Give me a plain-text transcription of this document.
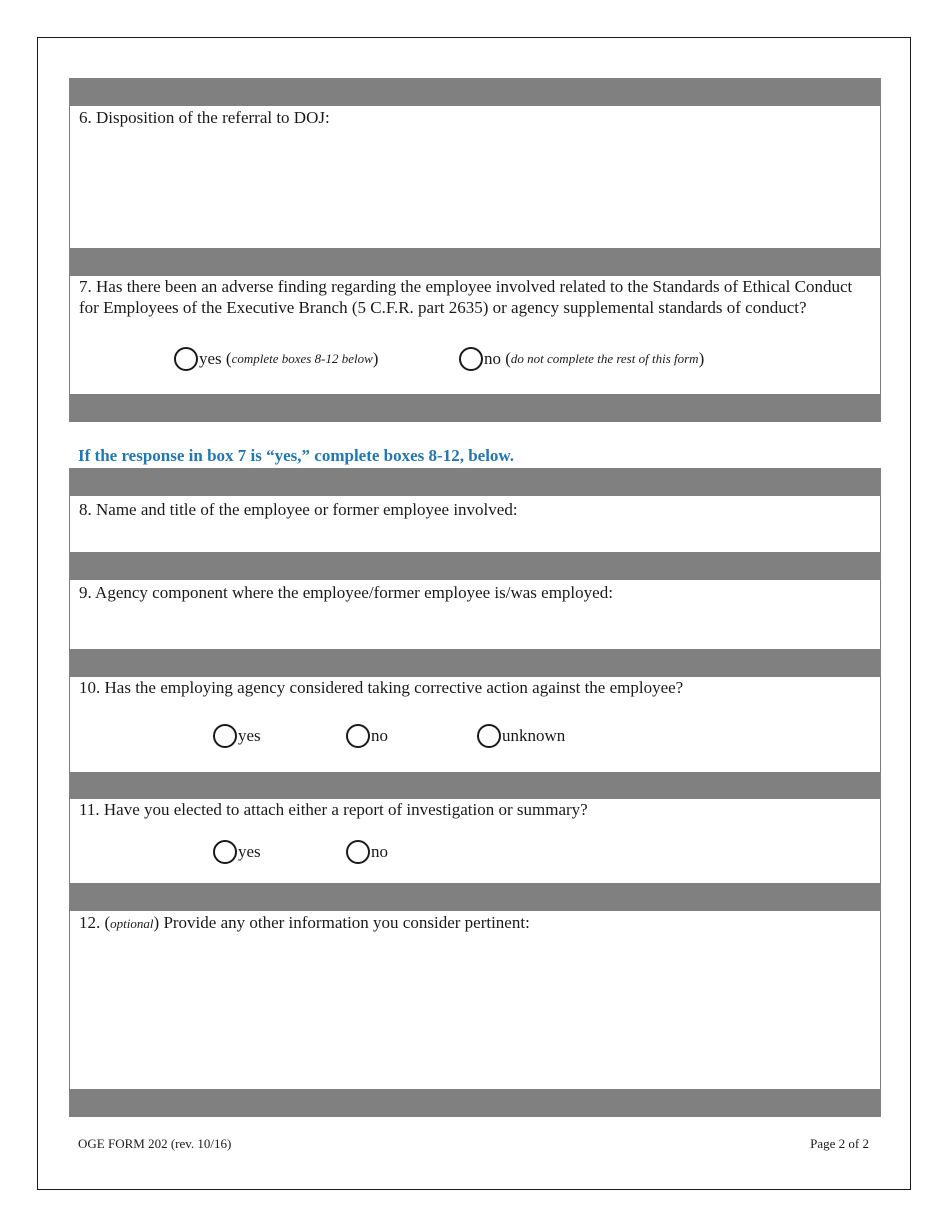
6. Disposition of the referral to DOJ:
7. Has there been an adverse finding regarding the employee involved related to the Standards of Ethical Conduct for Employees of the Executive Branch (5 C.F.R. part 2635) or agency supplemental standards of conduct?
yes ( complete boxes 8-12 below )	no ( do not complete the rest of this form )
If the response in box 7 is “yes,” complete boxes 8-12, below.
8. Name and title of the employee or former employee involved:
9. Agency component where the employee/former employee is/was employed:
10. Has the employing agency considered taking corrective action against the employee?
yes	no	unknown
11. Have you elected to attach either a report of investigation or summary?
yes	no
12. (optional) Provide any other information you consider pertinent:
OGE FORM 202 (rev. 10/16)	Page 2 of 2
